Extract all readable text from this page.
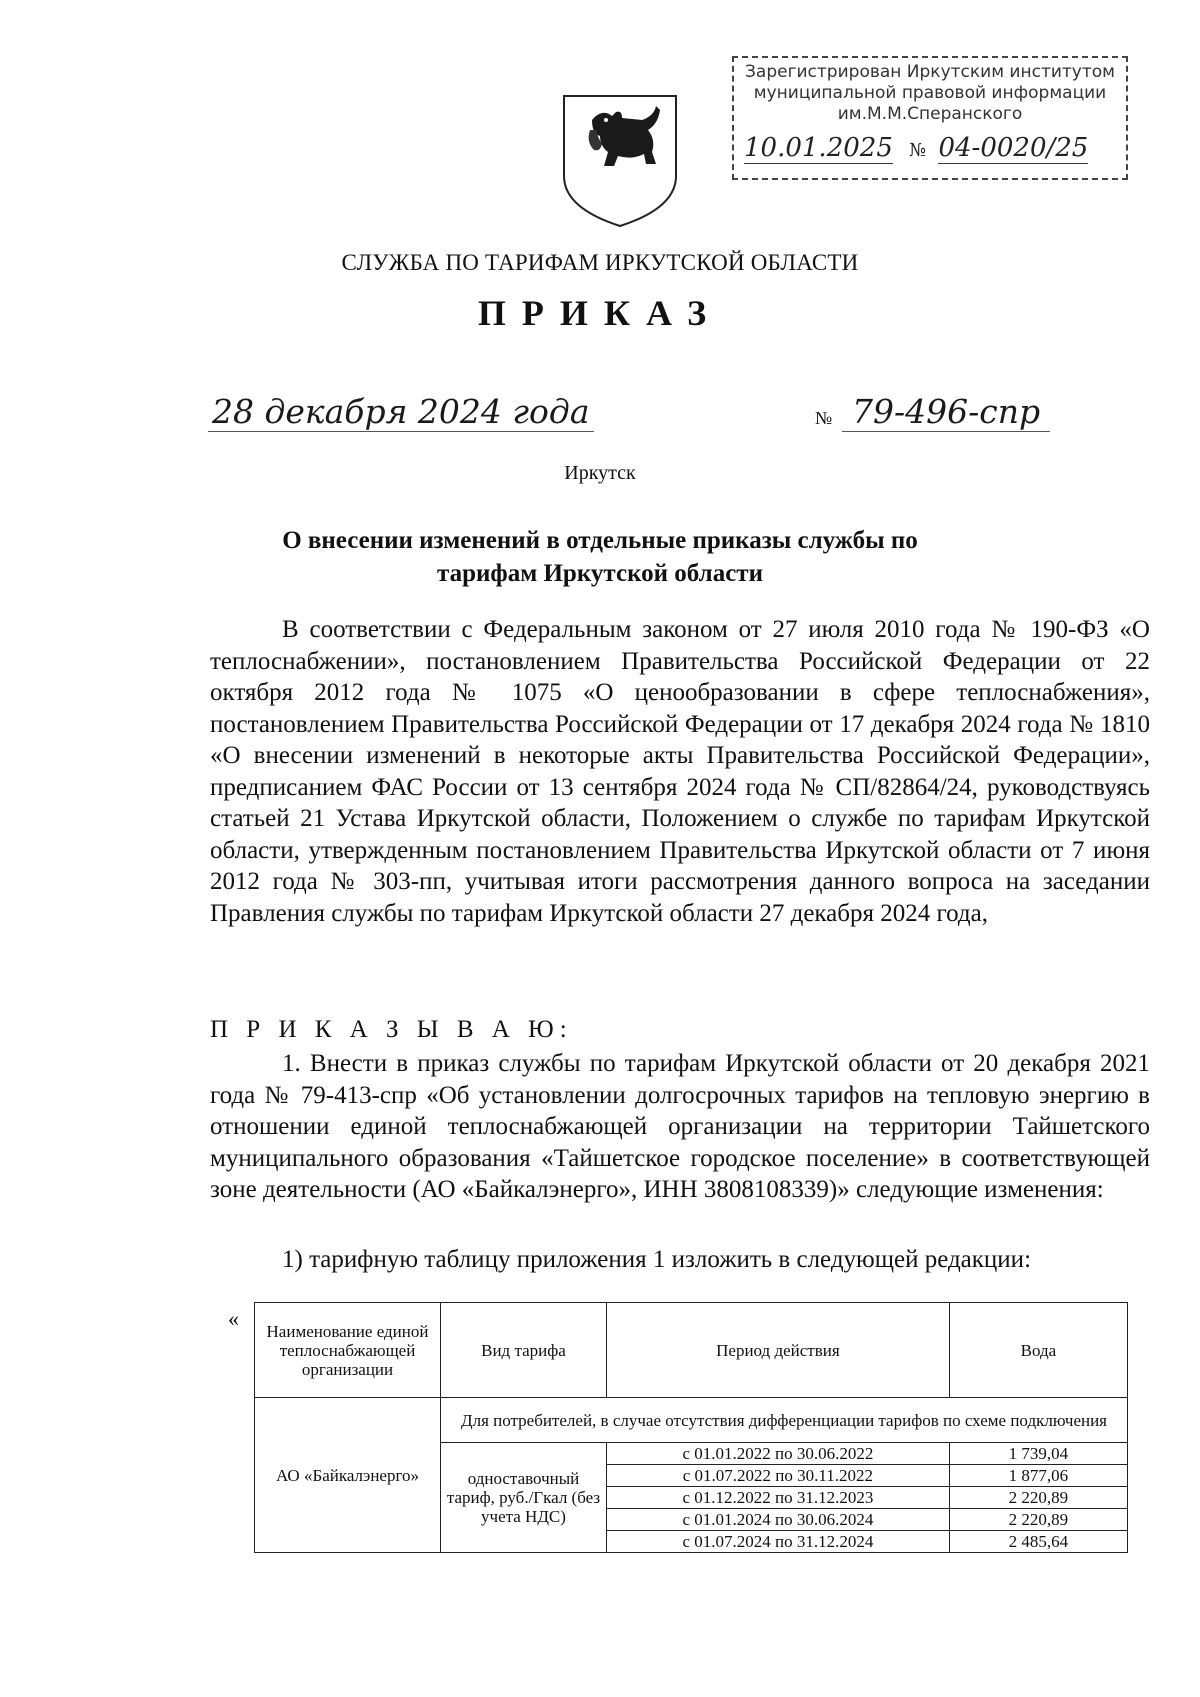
Зарегистрирован Иркутским институтом
муниципальной правовой информации
им.М.М.Сперанского
10.01.2025 № 04-0020/25
СЛУЖБА ПО ТАРИФАМ ИРКУТСКОЙ ОБЛАСТИ
ПРИКАЗ
28 декабря 2024 года	№ 79-496-спр
Иркутск
О внесении изменений в отдельные приказы службы по тарифам Иркутской области

В соответствии с Федеральным законом от 27 июля 2010 года № 190-ФЗ «О теплоснабжении», постановлением Правительства Российской Федерации от 22 октября 2012 года № 1075 «О ценообразовании в сфере теплоснабжения», постановлением Правительства Российской Федерации от 17 декабря 2024 года № 1810 «О внесении изменений в некоторые акты Правительства Российской Федерации», предписанием ФАС России от 13 сентября 2024 года № СП/82864/24, руководствуясь статьей 21 Устава Иркутской области, Положением о службе по тарифам Иркутской области, утвержденным постановлением Правительства Иркутской области от 7 июня 2012 года № 303-пп, учитывая итоги рассмотрения данного вопроса на заседании Правления службы по тарифам Иркутской области 27 декабря 2024 года,

П Р И К А З Ы В А Ю:

1. Внести в приказ службы по тарифам Иркутской области от 20 декабря 2021 года № 79-413-спр «Об установлении долгосрочных тарифов на тепловую энергию в отношении единой теплоснабжающей организации на территории Тайшетского муниципального образования «Тайшетское городское поселение» в соответствующей зоне деятельности (АО «Байкалэнерго», ИНН 3808108339)» следующие изменения:

1) тарифную таблицу приложения 1 изложить в следующей редакции:
« Наименование единой теплоснабжающей организации	Вид тарифа	Период действия	Вода
АО «Байкалэнерго»	Для потребителей, в случае отсутствия дифференциации тарифов по схеме подключения		
	одноставочный тариф, руб./Гкал (без учета НДС)	с 01.01.2022 по 30.06.2022	1 739,04
		с 01.07.2022 по 30.11.2022	1 877,06
		с 01.12.2022 по 31.12.2023	2 220,89
		с 01.01.2024 по 30.06.2024	2 220,89
		с 01.07.2024 по 31.12.2024	2 485,64
